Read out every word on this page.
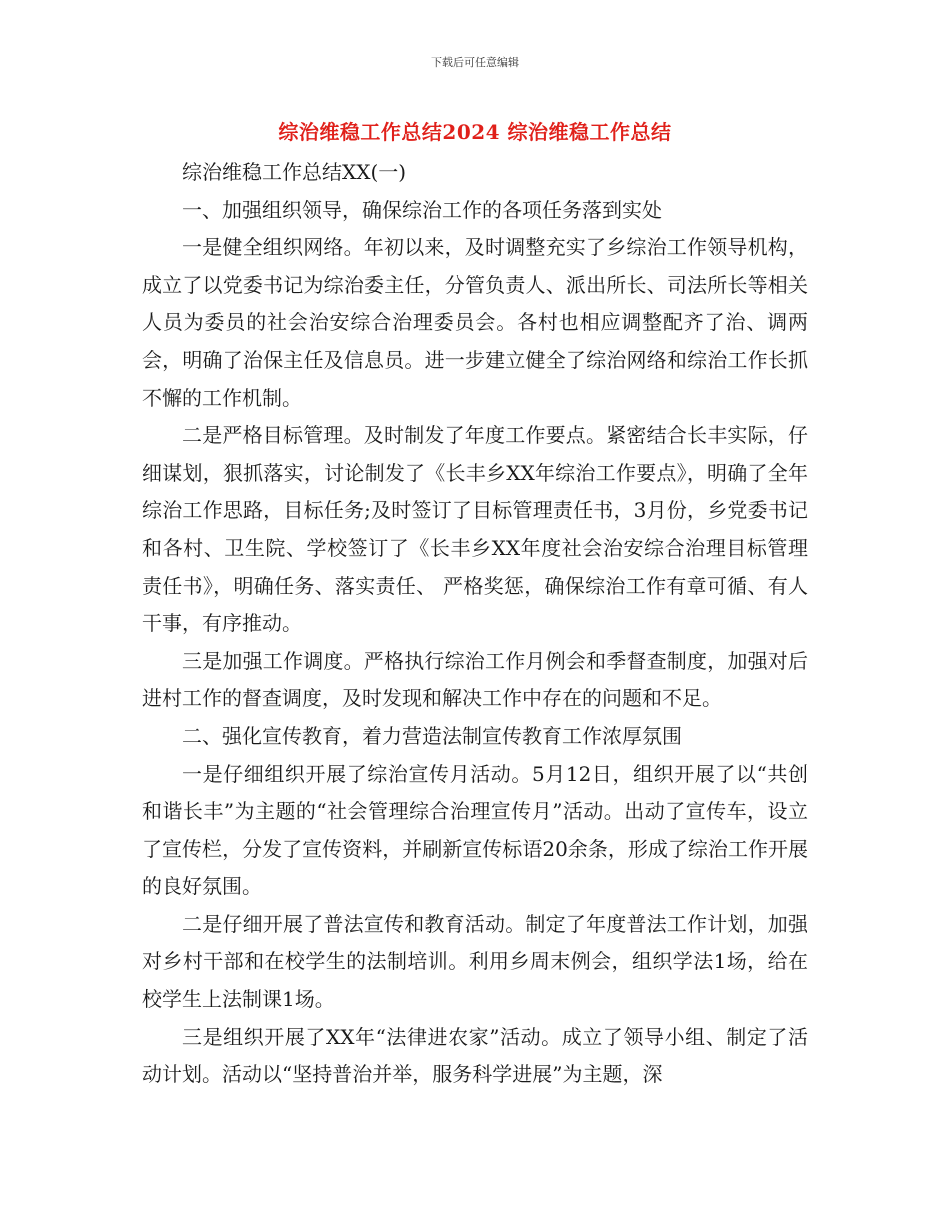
下载后可任意编辑
综治维稳工作总结2024 综治维稳工作总结

综治维稳工作总结XX(一)

一、加强组织领导，确保综治工作的各项任务落到实处

一是健全组织网络。年初以来，及时调整充实了乡综治工作领导机构，成立了以党委书记为综治委主任，分管负责人、派出所长、司法所长等相关人员为委员的社会治安综合治理委员会。各村也相应调整配齐了治、调两会，明确了治保主任及信息员。进一步建立健全了综治网络和综治工作长抓不懈的工作机制。

二是严格目标管理。及时制发了年度工作要点。紧密结合长丰实际，仔细谋划，狠抓落实，讨论制发了《长丰乡XX年综治工作要点》，明确了全年综治工作思路，目标任务;及时签订了目标管理责任书，3月份，乡党委书记和各村、卫生院、学校签订了《长丰乡XX年度社会治安综合治理目标管理责任书》，明确任务、落实责任、 严格奖惩，确保综治工作有章可循、有人干事，有序推动。

三是加强工作调度。严格执行综治工作月例会和季督查制度，加强对后进村工作的督查调度，及时发现和解决工作中存在的问题和不足。

二、强化宣传教育，着力营造法制宣传教育工作浓厚氛围

一是仔细组织开展了综治宣传月活动。5月12日，组织开展了以“共创和谐长丰”为主题的“社会管理综合治理宣传月”活动。出动了宣传车，设立了宣传栏，分发了宣传资料，并刷新宣传标语20余条，形成了综治工作开展的良好氛围。

二是仔细开展了普法宣传和教育活动。制定了年度普法工作计划，加强对乡村干部和在校学生的法制培训。利用乡周末例会，组织学法1场，给在校学生上法制课1场。

三是组织开展了XX年“法律进农家”活动。成立了领导小组、制定了活动计划。活动以“坚持普治并举，服务科学进展”为主题，深
